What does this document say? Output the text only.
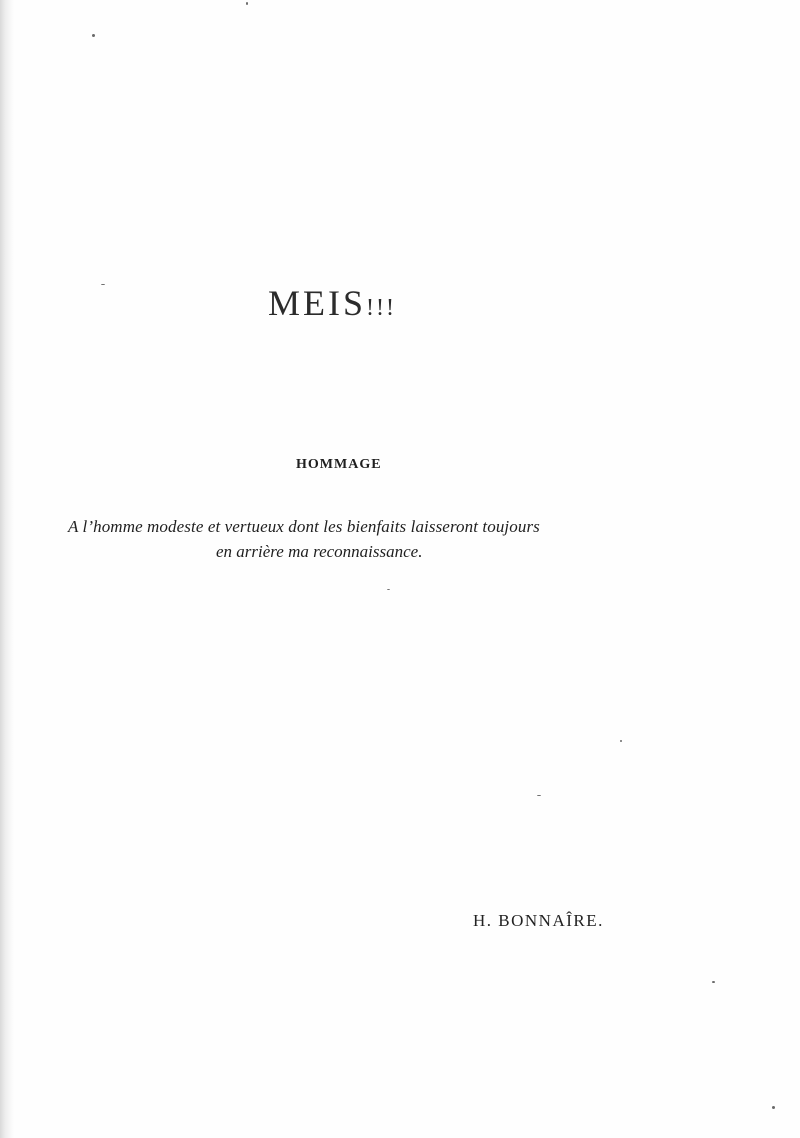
MEIS!!!
HOMMAGE
A l’homme modeste et vertueux dont les bienfaits laisseront toujours
en arrière ma reconnaissance.
H. BONNAÎRE.
